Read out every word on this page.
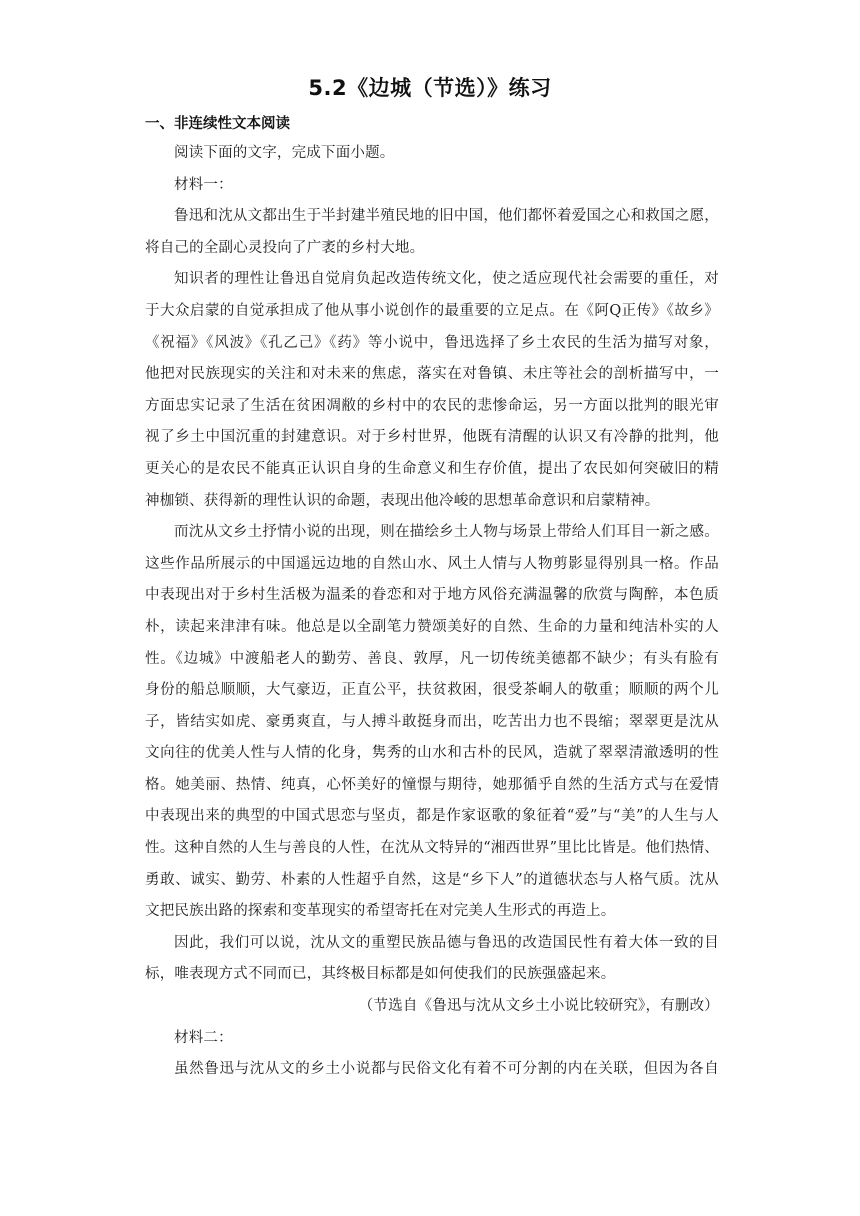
5.2《边城（节选）》练习
一、非连续性文本阅读
阅读下面的文字，完成下面小题。
材料一：
鲁迅和沈从文都出生于半封建半殖民地的旧中国，他们都怀着爱国之心和救国之愿，
将自己的全副心灵投向了广袤的乡村大地。
知识者的理性让鲁迅自觉肩负起改造传统文化，使之适应现代社会需要的重任，对
于大众启蒙的自觉承担成了他从事小说创作的最重要的立足点。在《阿Q正传》《故乡》
《祝福》《风波》《孔乙己》《药》等小说中，鲁迅选择了乡土农民的生活为描写对象，
他把对民族现实的关注和对未来的焦虑，落实在对鲁镇、未庄等社会的剖析描写中，一
方面忠实记录了生活在贫困凋敝的乡村中的农民的悲惨命运，另一方面以批判的眼光审
视了乡土中国沉重的封建意识。对于乡村世界，他既有清醒的认识又有冷静的批判，他
更关心的是农民不能真正认识自身的生命意义和生存价值，提出了农民如何突破旧的精
神枷锁、获得新的理性认识的命题，表现出他冷峻的思想革命意识和启蒙精神。
而沈从文乡土抒情小说的出现，则在描绘乡土人物与场景上带给人们耳目一新之感。
这些作品所展示的中国遥远边地的自然山水、风土人情与人物剪影显得别具一格。作品
中表现出对于乡村生活极为温柔的眷恋和对于地方风俗充满温馨的欣赏与陶醉，本色质
朴，读起来津津有味。他总是以全副笔力赞颂美好的自然、生命的力量和纯洁朴实的人
性。《边城》中渡船老人的勤劳、善良、敦厚，凡一切传统美德都不缺少；有头有脸有
身份的船总顺顺，大气豪迈，正直公平，扶贫救困，很受茶峒人的敬重；顺顺的两个儿
子，皆结实如虎、豪勇爽直，与人搏斗敢挺身而出，吃苦出力也不畏缩；翠翠更是沈从
文向往的优美人性与人情的化身，隽秀的山水和古朴的民风，造就了翠翠清澈透明的性
格。她美丽、热情、纯真，心怀美好的憧憬与期待，她那循乎自然的生活方式与在爱情
中表现出来的典型的中国式思恋与坚贞，都是作家讴歌的象征着“爱”与“美”的人生与人
性。这种自然的人生与善良的人性，在沈从文特异的“湘西世界”里比比皆是。他们热情、
勇敢、诚实、勤劳、朴素的人性超乎自然，这是“乡下人”的道德状态与人格气质。沈从
文把民族出路的探索和变革现实的希望寄托在对完美人生形式的再造上。
因此，我们可以说，沈从文的重塑民族品德与鲁迅的改造国民性有着大体一致的目
标，唯表现方式不同而已，其终极目标都是如何使我们的民族强盛起来。
（节选自《鲁迅与沈从文乡土小说比较研究》，有删改）
材料二：
虽然鲁迅与沈从文的乡土小说都与民俗文化有着不可分割的内在关联，但因为各自
